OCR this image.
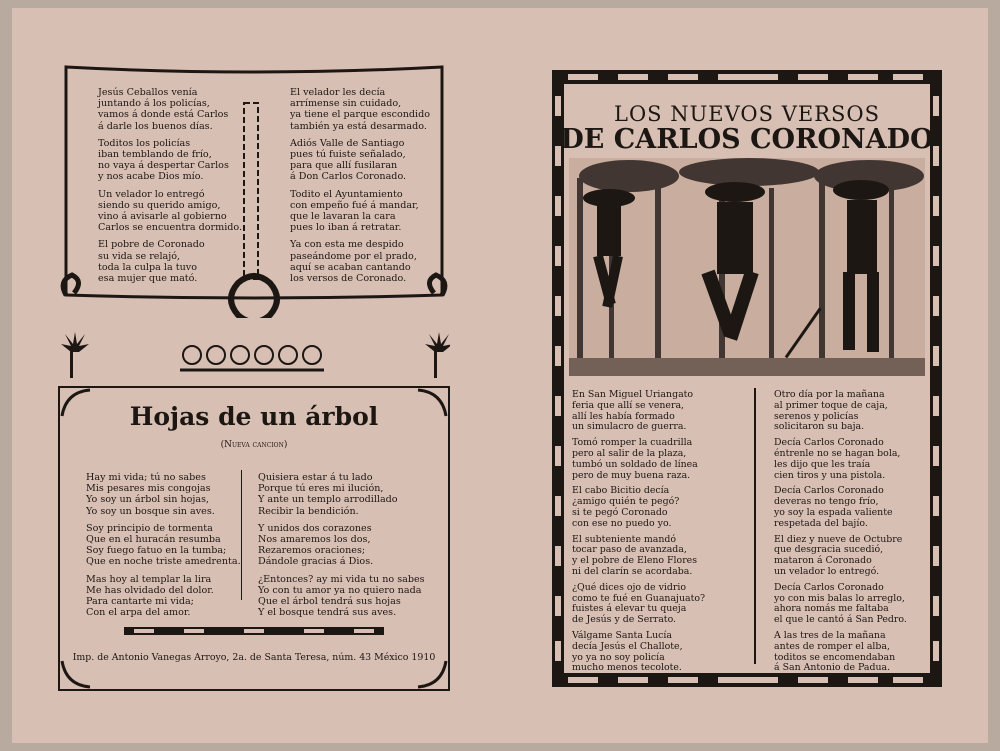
Jesús Ceballos venía
juntando á los policías,
vamos á donde está Carlos
á darle los buenos días.

Toditos los policías
iban temblando de frío,
no vaya á despertar Carlos
y nos acabe Dios mío.

Un velador lo entregó
siendo su querido amigo,
vino á avisarle al gobierno
Carlos se encuentra dormido.

El pobre de Coronado
su vida se relajó,
toda la culpa la tuvo
esa mujer que mató.

El velador les decía
arrímense sin cuidado,
ya tiene el parque escondido
también ya está desarmado.

Adiós Valle de Santiago
pues tú fuiste señalado,
para que allí fusilaran
á Don Carlos Coronado.

Todito el Ayuntamiento
con empeño fué á mandar,
que le lavaran la cara
pues lo iban á retratar.

Ya con esta me despido
paseándome por el prado,
aquí se acaban cantando
los versos de Coronado.

Hojas de un árbol
(Nueva cancion)

Hay mi vida; tú no sabes
Mis pesares mis congojas
Yo soy un árbol sin hojas,
Yo soy un bosque sin aves.

Soy principio de tormenta
Que en el huracán resumba
Soy fuego fatuo en la tumba;
Que en noche triste amedrenta.

Mas hoy al templar la lira
Me has olvidado del dolor.
Para cantarte mi vida;
Con el arpa del amor.

Quisiera estar á tu lado
Porque tú eres mi ilución,
Y ante un templo arrodillado
Recibir la bendición.

Y unidos dos corazones
Nos amaremos los dos,
Rezaremos oraciones;
Dándole gracias á Dios.

¿Entonces? ay mi vida tu no sabes
Yo con tu amor ya no quiero nada
Que el árbol tendrá sus hojas
Y el bosque tendrá sus aves.

Imp. de Antonio Vanegas Arroyo, 2a. de Santa Teresa, núm. 43 México 1910
LOS NUEVOS VERSOS
DE CARLOS CORONADO

En San Miguel Uriangato
feria que allí se venera,
allí les había formado
un simulacro de guerra.

Tomó romper la cuadrilla
pero al salir de la plaza,
tumbó un soldado de línea
pero de muy buena raza.

El cabo Bicitio decía
¿amigo quién te pegó?
si te pegó Coronado
con ese no puedo yo.

El subteniente mandó
tocar paso de avanzada,
y el pobre de Eleno Flores
ni del clarín se acordaba.

¿Qué dices ojo de vidrio
como te fué en Guanajuato?
fuistes á elevar tu queja
de Jesús y de Serrato.

Válgame Santa Lucía
decía Jesús el Challote,
yo ya no soy policía
mucho menos tecolote.

Otro día por la mañana
al primer toque de caja,
serenos y policías
solicitaron su baja.

Decía Carlos Coronado
éntrenle no se hagan bola,
les dijo que les traía
cien tiros y una pistola.

Decía Carlos Coronado
deveras no tengo frío,
yo soy la espada valiente
respetada del bajío.

El diez y nueve de Octubre
que desgracia sucedió,
mataron á Coronado
un velador lo entregó.

Decía Carlos Coronado
yo con mis balas lo arreglo,
ahora nomás me faltaba
el que le cantó á San Pedro.

A las tres de la mañana
antes de romper el alba,
toditos se encomendaban
á San Antonio de Padua.
